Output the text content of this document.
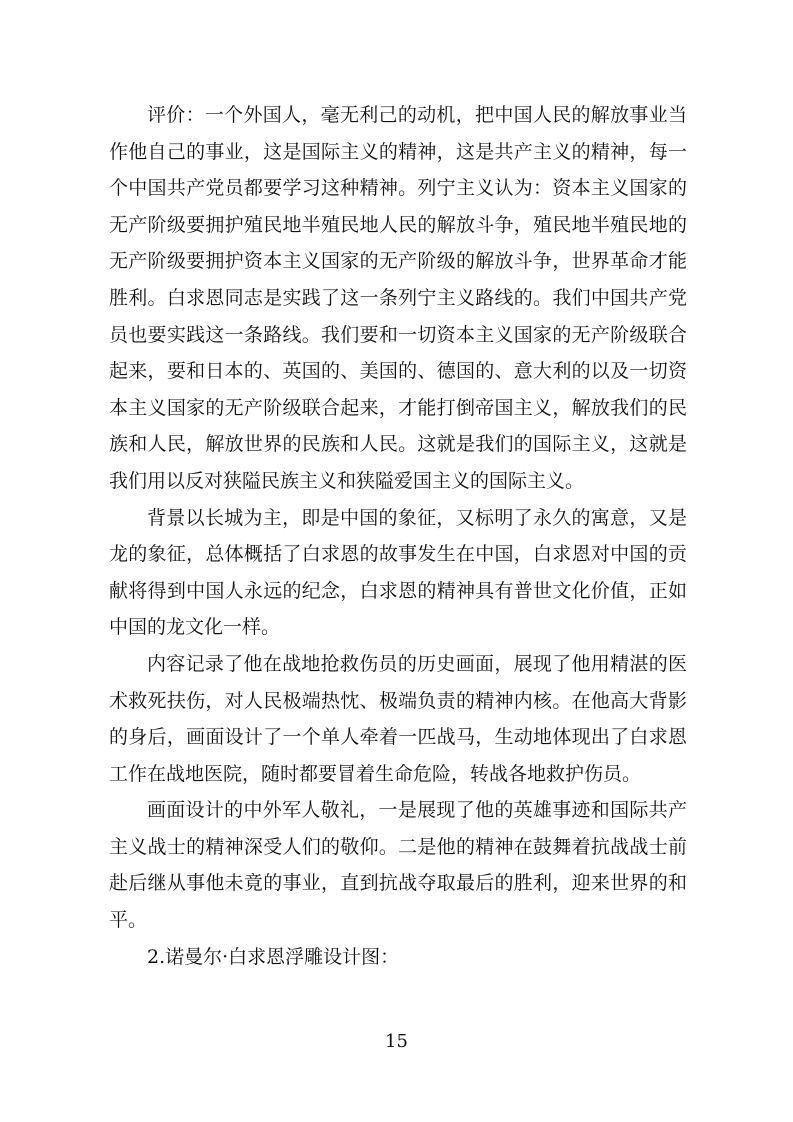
评价：一个外国人，毫无利己的动机，把中国人民的解放事业当作他自己的事业，这是国际主义的精神，这是共产主义的精神，每一个中国共产党员都要学习这种精神。列宁主义认为：资本主义国家的无产阶级要拥护殖民地半殖民地人民的解放斗争，殖民地半殖民地的无产阶级要拥护资本主义国家的无产阶级的解放斗争，世界革命才能胜利。白求恩同志是实践了这一条列宁主义路线的。我们中国共产党员也要实践这一条路线。我们要和一切资本主义国家的无产阶级联合起来，要和日本的、英国的、美国的、德国的、意大利的以及一切资本主义国家的无产阶级联合起来，才能打倒帝国主义，解放我们的民族和人民，解放世界的民族和人民。这就是我们的国际主义，这就是我们用以反对狭隘民族主义和狭隘爱国主义的国际主义。

背景以长城为主，即是中国的象征，又标明了永久的寓意，又是龙的象征，总体概括了白求恩的故事发生在中国，白求恩对中国的贡献将得到中国人永远的纪念，白求恩的精神具有普世文化价值，正如中国的龙文化一样。

内容记录了他在战地抢救伤员的历史画面，展现了他用精湛的医术救死扶伤，对人民极端热忱、极端负责的精神内核。在他高大背影的身后，画面设计了一个单人牵着一匹战马，生动地体现出了白求恩工作在战地医院，随时都要冒着生命危险，转战各地救护伤员。

画面设计的中外军人敬礼，一是展现了他的英雄事迹和国际共产主义战士的精神深受人们的敬仰。二是他的精神在鼓舞着抗战战士前赴后继从事他未竟的事业，直到抗战夺取最后的胜利，迎来世界的和平。

2.诺曼尔·白求恩浮雕设计图：

15
